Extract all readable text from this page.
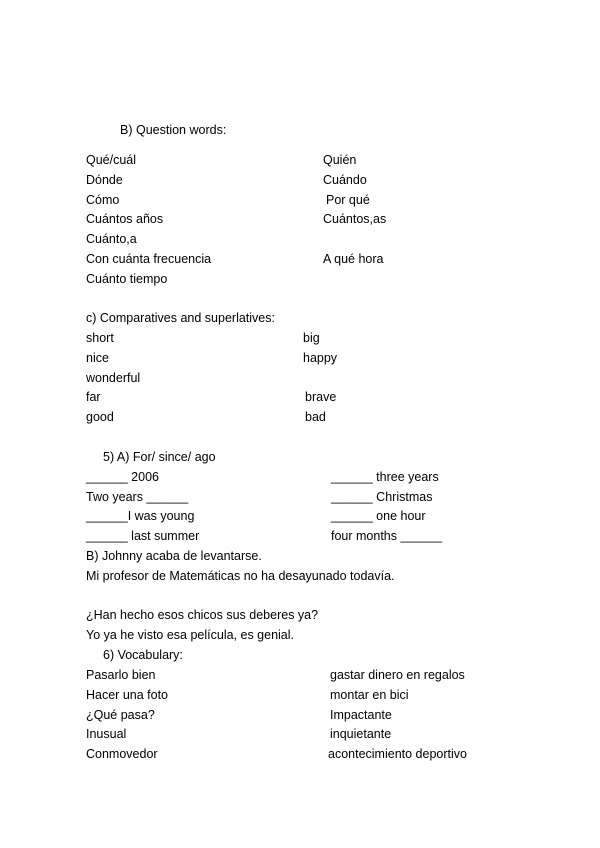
B) Question words:
Qué/cuál	Quién
Dónde	Cuándo
Cómo	Por qué
Cuántos años	Cuántos,as
Cuánto,a
Con cuánta frecuencia	A qué hora
Cuánto tiempo
c) Comparatives and superlatives:
short	big
nice	happy
wonderful
far	brave
good	bad
5) A) For/ since/ ago
______ 2006	______ three years
Two years ______	______ Christmas
______I was young	______ one hour
______ last summer	four months ______
B) Johnny acaba de levantarse.
Mi profesor de Matemáticas no ha desayunado todavía.
¿Han hecho esos chicos sus deberes ya?
Yo ya he visto esa película, es genial.
6) Vocabulary:
Pasarlo bien	gastar dinero en regalos
Hacer una foto	montar en bici
¿Qué pasa?	Impactante
Inusual	inquietante
Conmovedor	acontecimiento deportivo
